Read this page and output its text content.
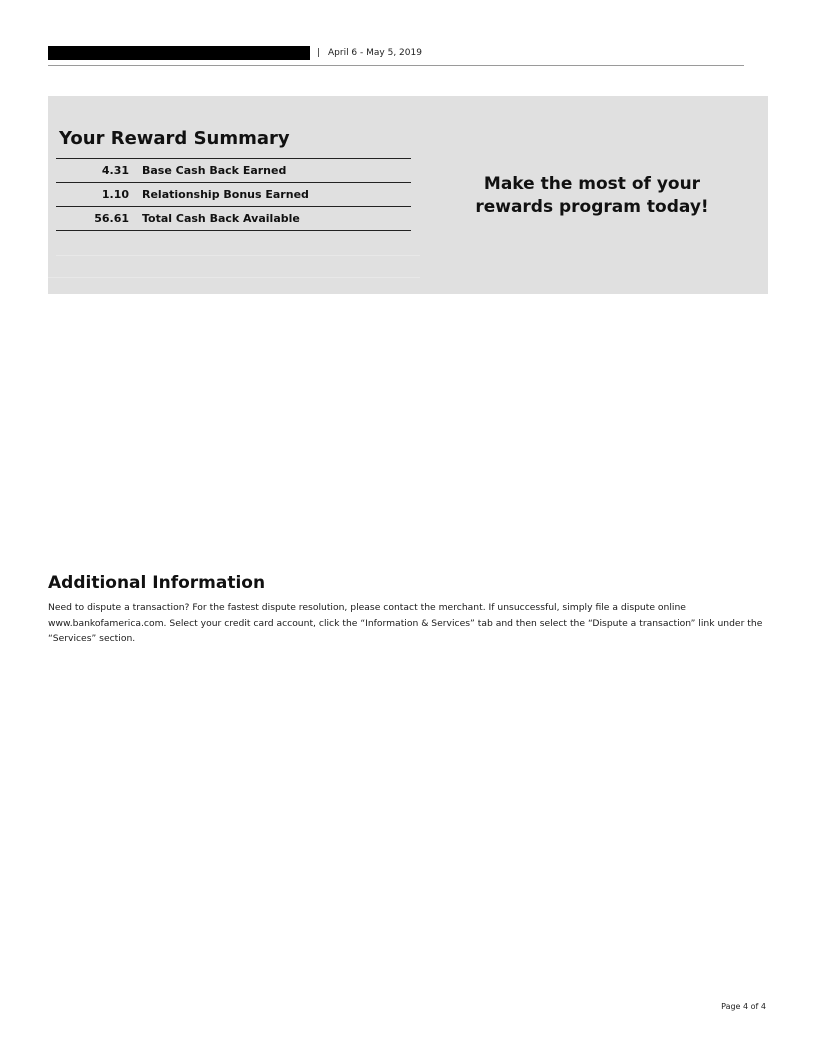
| April 6 - May 5, 2019
Your Reward Summary
4.31	Base Cash Back Earned
1.10	Relationship Bonus Earned
56.61	Total Cash Back Available
Make the most of your
rewards program today!
Additional Information

Need to dispute a transaction? For the fastest dispute resolution, please contact the merchant. If unsuccessful, simply file a dispute online www.bankofamerica.com. Select your credit card account, click the “Information & Services” tab and then select the “Dispute a transaction” link under the “Services” section.

Page 4 of 4
